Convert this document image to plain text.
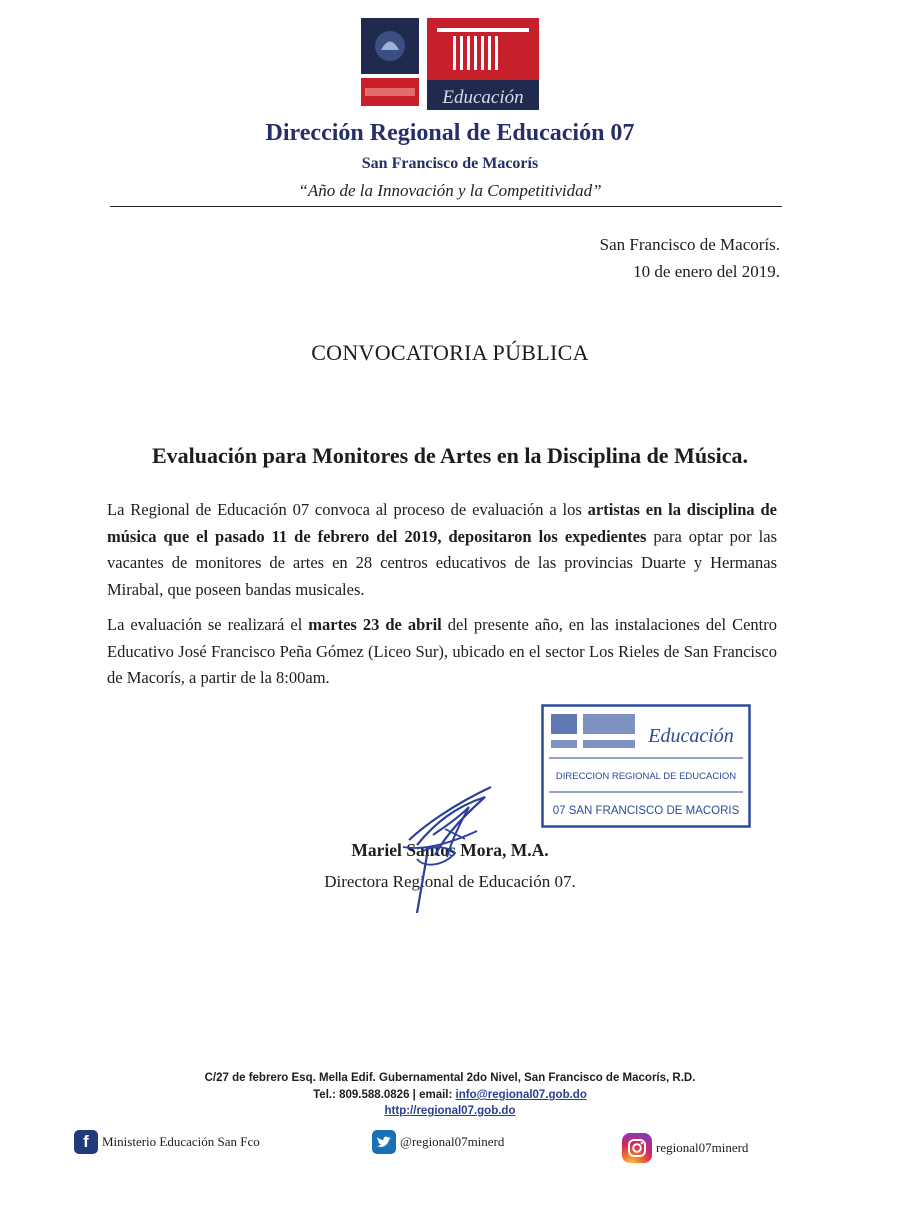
Educación
Dirección Regional de Educación 07
San Francisco de Macorís
“Año de la Innovación y la Competitividad”
San Francisco de Macorís.
10 de enero del 2019.
CONVOCATORIA PÚBLICA
Evaluación para Monitores de Artes en la Disciplina de Música.
La Regional de Educación 07 convoca al proceso de evaluación a los artistas en la disciplina de música que el pasado 11 de febrero del 2019, depositaron los expedientes para optar por las vacantes de monitores de artes en 28 centros educativos de las provincias Duarte y Hermanas Mirabal, que poseen bandas musicales.
La evaluación se realizará el martes 23 de abril del presente año, en las instalaciones del Centro Educativo José Francisco Peña Gómez (Liceo Sur), ubicado en el sector Los Rieles de San Francisco de Macorís, a partir de la 8:00am.
Educación
DIRECCION REGIONAL DE EDUCACION
07 SAN FRANCISCO DE MACORIS
Mariel Santos Mora, M.A.
Directora Regional de Educación 07.
C/27 de febrero Esq. Mella Edif. Gubernamental 2do Nivel, San Francisco de Macorís, R.D.
Tel.: 809.588.0826 | email: info@regional07.gob.do
http://regional07.gob.do
f	Ministerio Educación San Fco	@regional07minerd	regional07minerd
